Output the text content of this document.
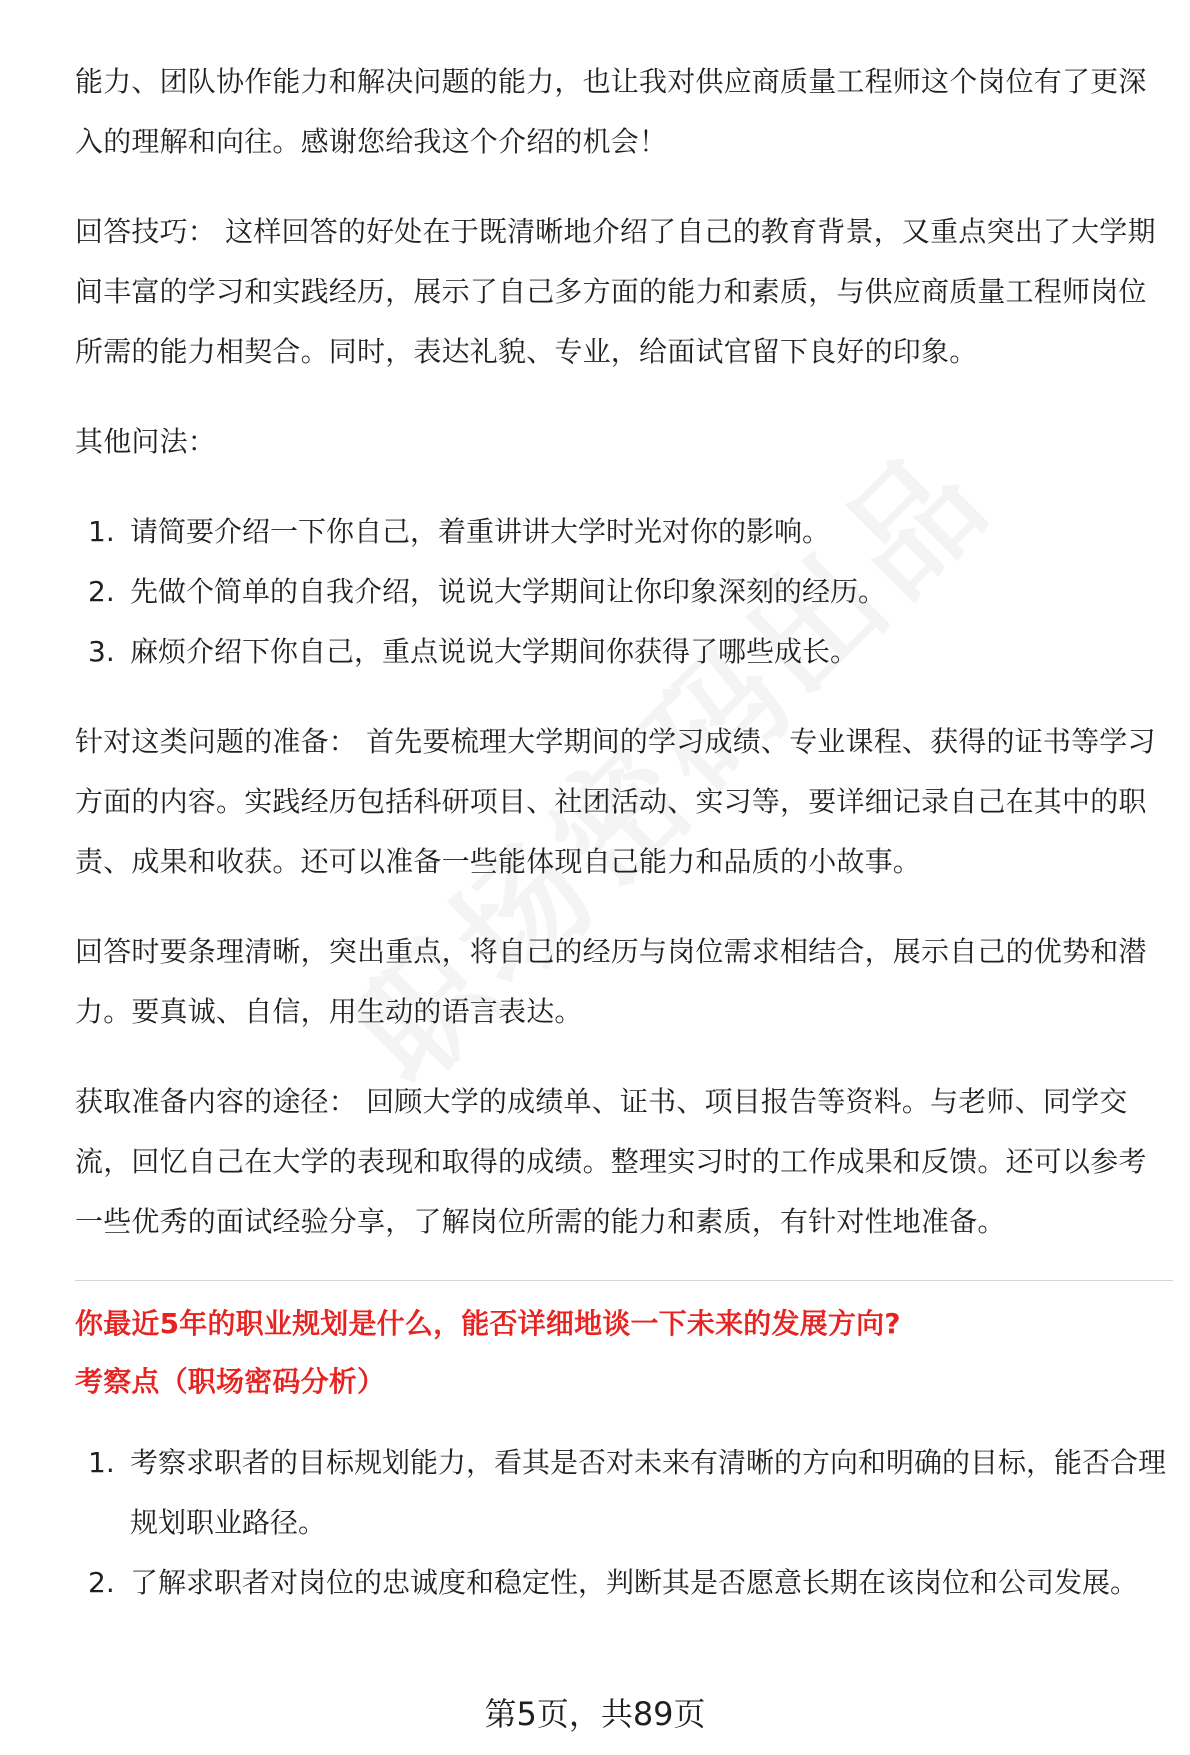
能力、团队协作能力和解决问题的能力，也让我对供应商质量工程师这个岗位有了更深入的理解和向往。感谢您给我这个介绍的机会！

回答技巧： 这样回答的好处在于既清晰地介绍了自己的教育背景，又重点突出了大学期间丰富的学习和实践经历，展示了自己多方面的能力和素质，与供应商质量工程师岗位所需的能力相契合。同时，表达礼貌、专业，给面试官留下良好的印象。

其他问法：

1. 请简要介绍一下你自己，着重讲讲大学时光对你的影响。
2. 先做个简单的自我介绍，说说大学期间让你印象深刻的经历。
3. 麻烦介绍下你自己，重点说说大学期间你获得了哪些成长。

针对这类问题的准备： 首先要梳理大学期间的学习成绩、专业课程、获得的证书等学习方面的内容。实践经历包括科研项目、社团活动、实习等，要详细记录自己在其中的职责、成果和收获。还可以准备一些能体现自己能力和品质的小故事。

回答时要条理清晰，突出重点，将自己的经历与岗位需求相结合，展示自己的优势和潜力。要真诚、自信，用生动的语言表达。

获取准备内容的途径： 回顾大学的成绩单、证书、项目报告等资料。与老师、同学交流，回忆自己在大学的表现和取得的成绩。整理实习时的工作成果和反馈。还可以参考一些优秀的面试经验分享，了解岗位所需的能力和素质，有针对性地准备。

你最近5年的职业规划是什么，能否详细地谈一下未来的发展方向?

考察点（职场密码分析）

1. 考察求职者的目标规划能力，看其是否对未来有清晰的方向和明确的目标，能否合理规划职业路径。
2. 了解求职者对岗位的忠诚度和稳定性，判断其是否愿意长期在该岗位和公司发展。
第5页，共89页
